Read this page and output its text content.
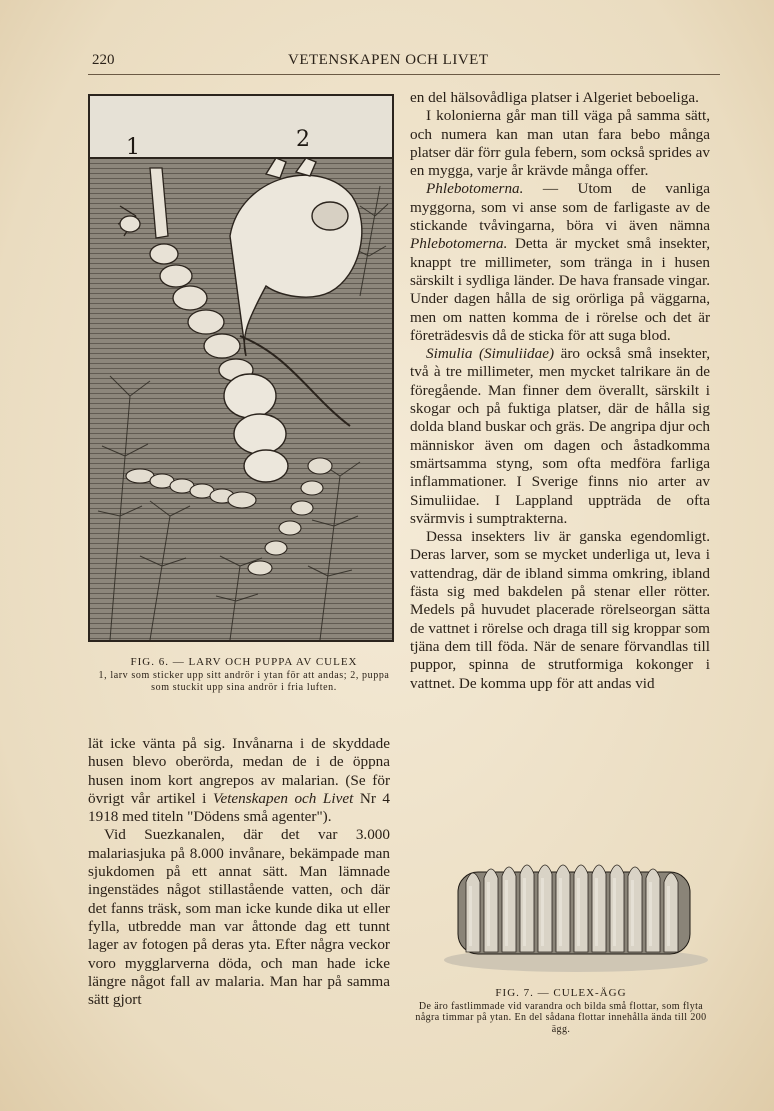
220	VETENSKAPEN OCH LIVET
1	2
FIG. 6. — LARV OCH PUPPA AV CULEX
1, larv som sticker upp sitt andrör i ytan för att andas; 2, puppa som stuckit upp sina andrör i fria luften.

lät icke vänta på sig. Invånarna i de skyddade husen blevo oberörda, medan de i de öppna husen inom kort angrepos av malarian. (Se för övrigt vår artikel i Vetenskapen och Livet Nr 4 1918 med titeln "Dödens små agenter").

Vid Suezkanalen, där det var 3.000 malariasjuka på 8.000 invånare, bekämpade man sjukdomen på ett annat sätt. Man lämnade ingenstädes något stillastående vatten, och där det fanns träsk, som man icke kunde dika ut eller fylla, utbredde man var åttonde dag ett tunnt lager av fotogen på deras yta. Efter några veckor voro mygglarverna döda, och man hade icke längre något fall av malaria. Man har på samma sätt gjort

en del hälsovådliga platser i Algeriet beboeliga.

I kolonierna går man till väga på samma sätt, och numera kan man utan fara bebo många platser där förr gula febern, som också sprides av en mygga, varje år krävde många offer.

Phlebotomerna. — Utom de vanliga myggorna, som vi anse som de farligaste av de stickande tvåvingarna, böra vi även nämna Phlebotomerna. Detta är mycket små insekter, knappt tre millimeter, som tränga in i husen särskilt i sydliga länder. De hava fransade vingar. Under dagen hålla de sig orörliga på väggarna, men om natten komma de i rörelse och det är företrädesvis då de sticka för att suga blod.

Simulia (Simuliidae) äro också små insekter, två à tre millimeter, men mycket talrikare än de föregående. Man finner dem överallt, särskilt i skogar och på fuktiga platser, där de hålla sig dolda bland buskar och gräs. De angripa djur och människor även om dagen och åstadkomma smärtsamma styng, som ofta medföra farliga inflammationer. I Sverige finns nio arter av Simuliidae. I Lappland uppträda de ofta svärmvis i sumptrakterna.

Dessa insekters liv är ganska egendomligt. Deras larver, som se mycket underliga ut, leva i vattendrag, där de ibland simma omkring, ibland fästa sig med bakdelen på stenar eller rötter. Medels på huvudet placerade rörelseorgan sätta de vattnet i rörelse och draga till sig kroppar som tjäna dem till föda. När de senare förvandlas till puppor, spinna de strutformiga kokonger i vattnet. De komma upp för att andas vid

FIG. 7. — CULEX-ÄGG
De äro fastlimmade vid varandra och bilda små flottar, som flyta några timmar på ytan. En del sådana flottar innehålla ända till 200 ägg.
